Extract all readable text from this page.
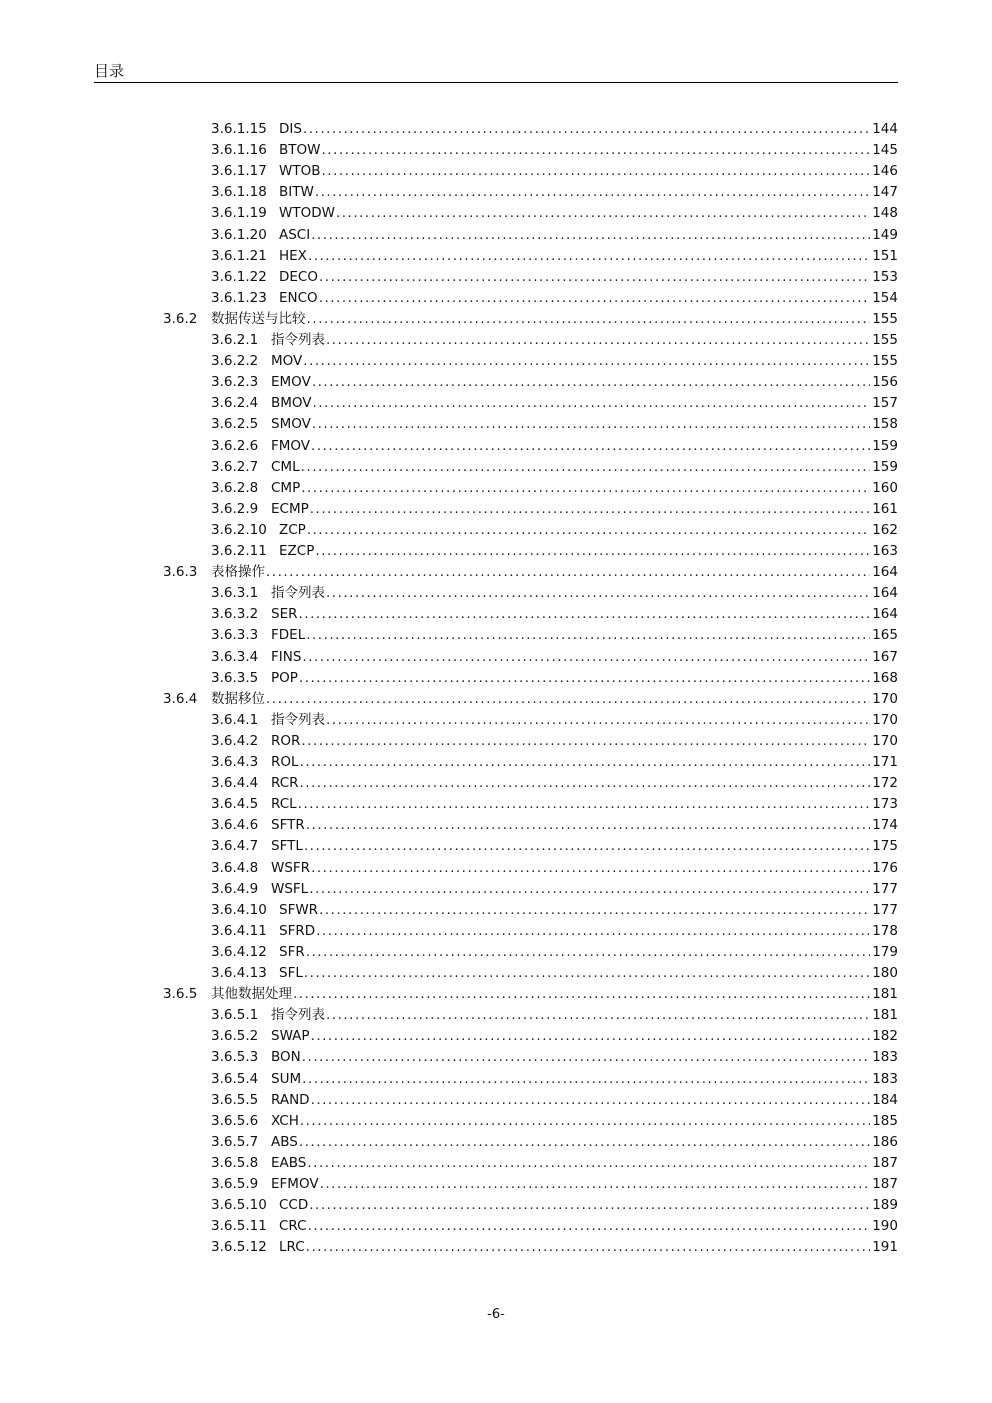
目录
3.6.1.15 DIS .....	144
3.6.1.16 BTOW .....	145
3.6.1.17 WTOB .....	146
3.6.1.18 BITW .....	147
3.6.1.19 WTODW .....	148
3.6.1.20 ASCI .....	149
3.6.1.21 HEX .....	151
3.6.1.22 DECO .....	153
3.6.1.23 ENCO .....	154
3.6.2	数据传送与比较 .....	155
3.6.2.1 指令列表 .....	155
3.6.2.2 MOV .....	155
3.6.2.3 EMOV .....	156
3.6.2.4 BMOV .....	157
3.6.2.5 SMOV .....	158
3.6.2.6 FMOV .....	159
3.6.2.7 CML .....	159
3.6.2.8 CMP .....	160
3.6.2.9 ECMP .....	161
3.6.2.10 ZCP .....	162
3.6.2.11 EZCP .....	163
3.6.3	表格操作 .....	164
3.6.3.1 指令列表 .....	164
3.6.3.2 SER .....	164
3.6.3.3 FDEL .....	165
3.6.3.4 FINS .....	167
3.6.3.5 POP .....	168
3.6.4	数据移位 .....	170
3.6.4.1 指令列表 .....	170
3.6.4.2 ROR .....	170
3.6.4.3 ROL .....	171
3.6.4.4 RCR .....	172
3.6.4.5 RCL .....	173
3.6.4.6 SFTR .....	174
3.6.4.7 SFTL .....	175
3.6.4.8 WSFR .....	176
3.6.4.9 WSFL .....	177
3.6.4.10 SFWR .....	177
3.6.4.11 SFRD .....	178
3.6.4.12 SFR .....	179
3.6.4.13 SFL .....	180
3.6.5	其他数据处理 .....	181
3.6.5.1 指令列表 .....	181
3.6.5.2 SWAP .....	182
3.6.5.3 BON .....	183
3.6.5.4 SUM .....	183
3.6.5.5 RAND .....	184
3.6.5.6 XCH .....	185
3.6.5.7 ABS .....	186
3.6.5.8 EABS .....	187
3.6.5.9 EFMOV .....	187
3.6.5.10 CCD .....	189
3.6.5.11 CRC .....	190
3.6.5.12 LRC .....	191
-6-
